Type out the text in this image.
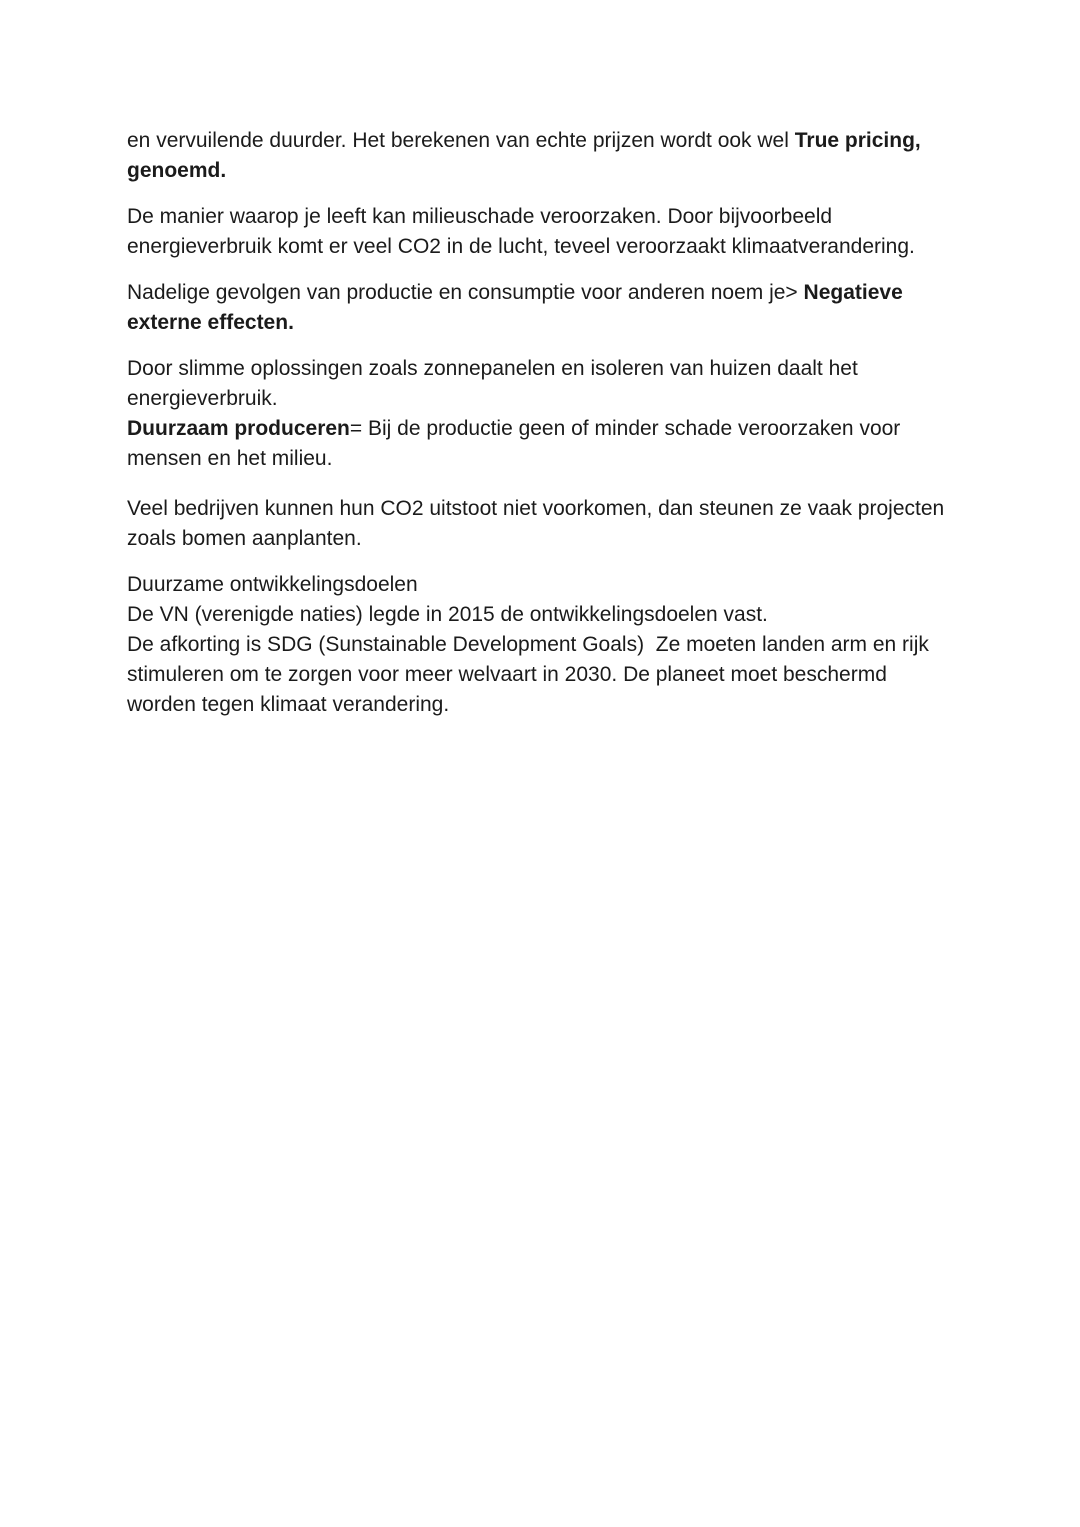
en vervuilende duurder. Het berekenen van echte prijzen wordt ook wel True pricing,
genoemd.
De manier waarop je leeft kan milieuschade veroorzaken. Door bijvoorbeeld
energieverbruik komt er veel CO2 in de lucht, teveel veroorzaakt klimaatverandering.
Nadelige gevolgen van productie en consumptie voor anderen noem je> Negatieve
externe effecten.
Door slimme oplossingen zoals zonnepanelen en isoleren van huizen daalt het
energieverbruik.
Duurzaam produceren= Bij de productie geen of minder schade veroorzaken voor
mensen en het milieu.
Veel bedrijven kunnen hun CO2 uitstoot niet voorkomen, dan steunen ze vaak projecten
zoals bomen aanplanten.
Duurzame ontwikkelingsdoelen
De VN (verenigde naties) legde in 2015 de ontwikkelingsdoelen vast.
De afkorting is SDG (Sunstainable Development Goals)  Ze moeten landen arm en rijk
stimuleren om te zorgen voor meer welvaart in 2030. De planeet moet beschermd
worden tegen klimaat verandering.
